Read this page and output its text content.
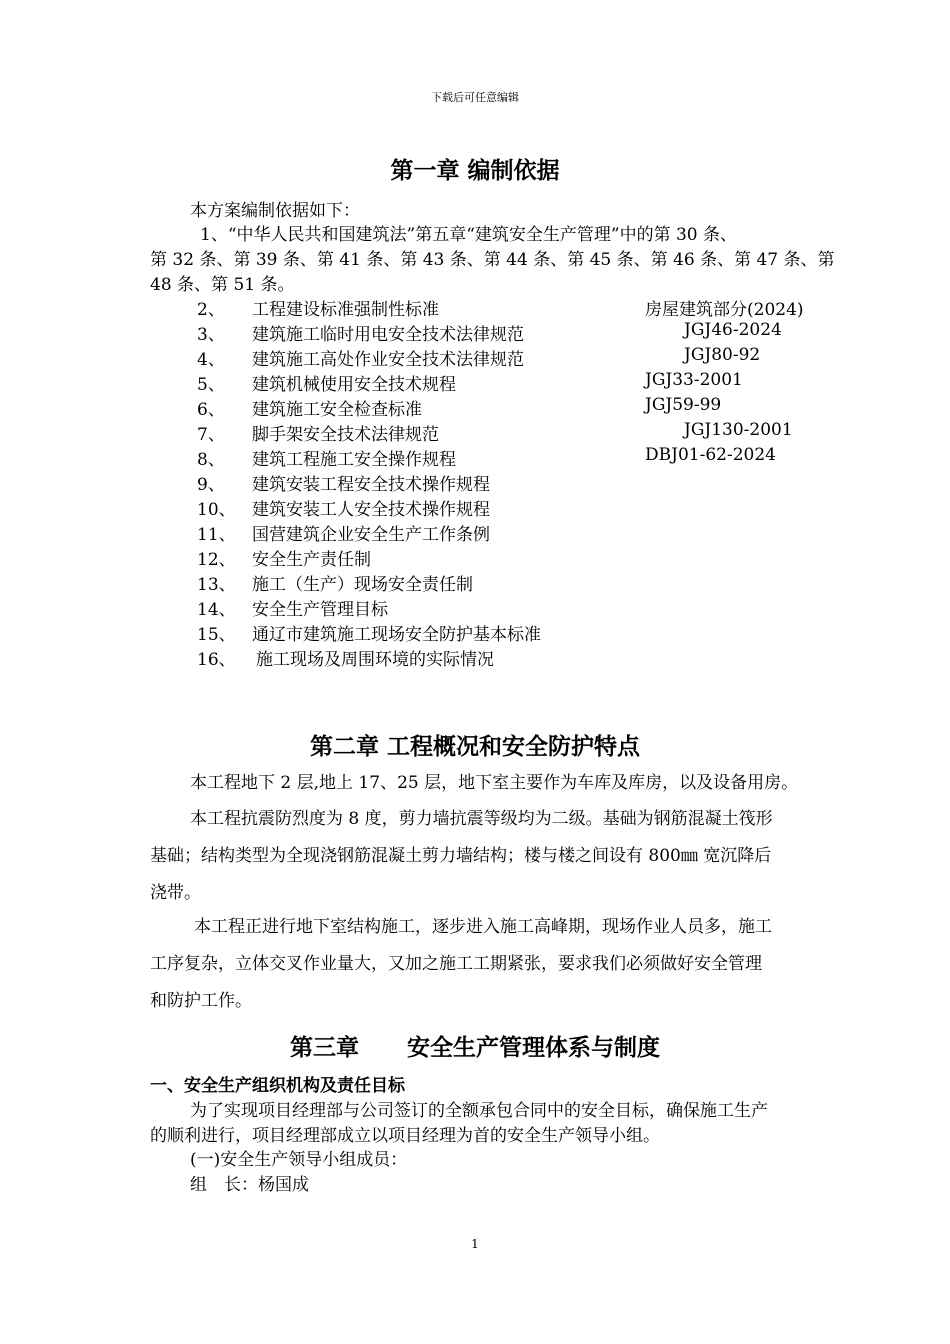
下载后可任意编辑

第一章 编制依据

本方案编制依据如下：

1、“中华人民共和国建筑法”第五章“建筑安全生产管理”中的第 30 条、

第 32 条、第 39 条、第 41 条、第 43 条、第 44 条、第 45 条、第 46 条、第 47 条、第

48 条、第 51 条。

2、 工程建设标准强制性标准	房屋建筑部分(2024)
3、 建筑施工临时用电安全技术法律规范	JGJ46-2024
4、 建筑施工高处作业安全技术法律规范	JGJ80-92
5、 建筑机械使用安全技术规程	JGJ33-2001
6、 建筑施工安全检查标准	JGJ59-99
7、 脚手架安全技术法律规范	JGJ130-2001
8、 建筑工程施工安全操作规程	DBJ01-62-2024
9、 建筑安装工程安全技术操作规程
10、 建筑安装工人安全技术操作规程
11、 国营建筑企业安全生产工作条例
12、 安全生产责任制
13、 施工（生产）现场安全责任制
14、 安全生产管理目标
15、 通辽市建筑施工现场安全防护基本标准
16、 施工现场及周围环境的实际情况
第二章 工程概况和安全防护特点

本工程地下 2 层,地上 17、25 层，地下室主要作为车库及库房，以及设备用房。

本工程抗震防烈度为 8 度，剪力墙抗震等级均为二级。基础为钢筋混凝土筏形

基础；结构类型为全现浇钢筋混凝土剪力墙结构；楼与楼之间设有 800㎜ 宽沉降后

浇带。

本工程正进行地下室结构施工，逐步进入施工高峰期，现场作业人员多，施工

工序复杂，立体交叉作业量大，又加之施工工期紧张，要求我们必须做好安全管理

和防护工作。

第三章 安全生产管理体系与制度
一、安全生产组织机构及责任目标

为了实现项目经理部与公司签订的全额承包合同中的安全目标，确保施工生产

的顺利进行，项目经理部成立以项目经理为首的安全生产领导小组。

(一)安全生产领导小组成员：

组　长：杨国成

1
